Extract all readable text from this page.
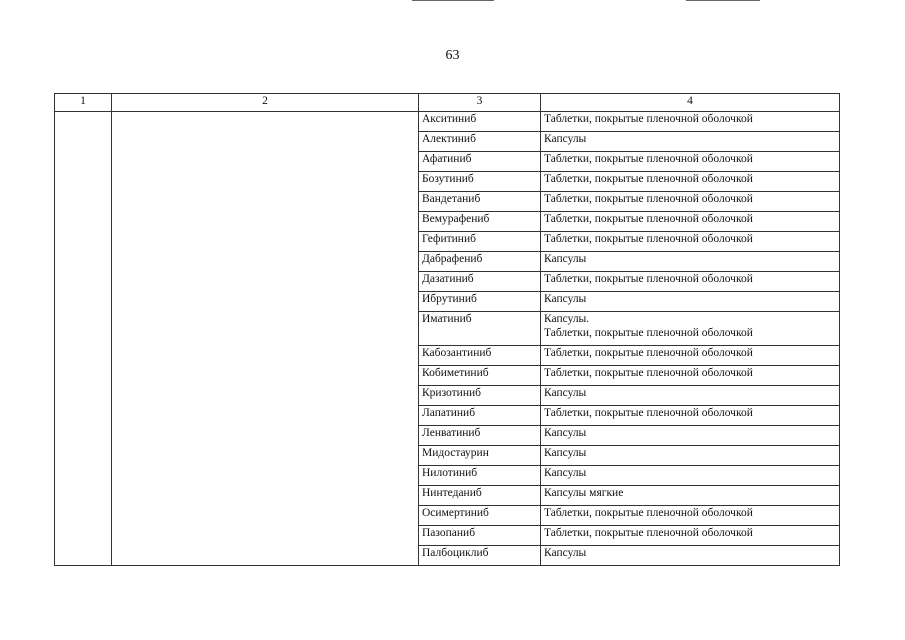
63
1	2	3	4
		Акситиниб	Таблетки, покрытые пленочной оболочкой

		Алектиниб	Капсулы

		Афатиниб	Таблетки, покрытые пленочной оболочкой

		Бозутиниб	Таблетки, покрытые пленочной оболочкой

		Вандетаниб	Таблетки, покрытые пленочной оболочкой

		Вемурафениб	Таблетки, покрытые пленочной оболочкой

		Гефитиниб	Таблетки, покрытые пленочной оболочкой

		Дабрафениб	Капсулы

		Дазатиниб	Таблетки, покрытые пленочной оболочкой

		Ибрутиниб	Капсулы

		Иматиниб	Капсулы.
Таблетки, покрытые пленочной оболочкой

		Кабозантиниб	Таблетки, покрытые пленочной оболочкой

		Кобиметиниб	Таблетки, покрытые пленочной оболочкой

		Кризотиниб	Капсулы

		Лапатиниб	Таблетки, покрытые пленочной оболочкой

		Ленватиниб	Капсулы

		Мидостаурин	Капсулы

		Нилотиниб	Капсулы

		Нинтеданиб	Капсулы мягкие

		Осимертиниб	Таблетки, покрытые пленочной оболочкой

		Пазопаниб	Таблетки, покрытые пленочной оболочкой

		Палбоциклиб	Капсулы
